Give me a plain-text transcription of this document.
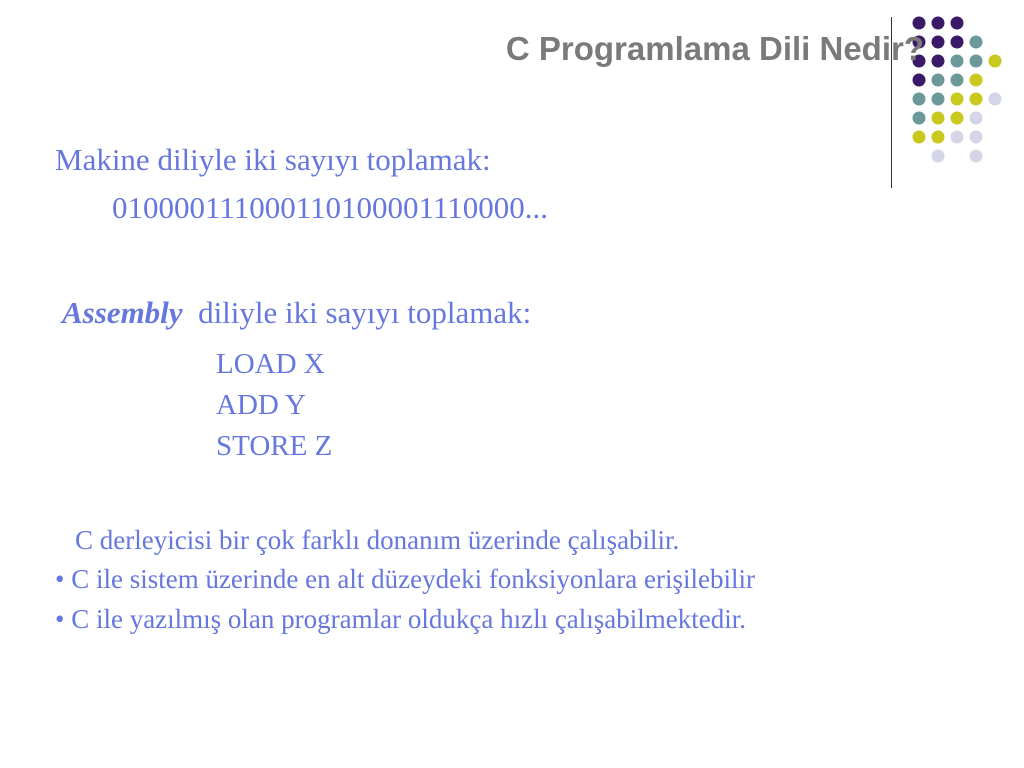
C Programlama Dili Nedir?
Makine diliyle iki sayıyı toplamak:
010000111000110100001110000...
Assembly diliyle iki sayıyı toplamak:
LOAD X
ADD Y
STORE Z
C derleyicisi bir çok farklı donanım üzerinde çalışabilir.
• C ile sistem üzerinde en alt düzeydeki fonksiyonlara erişilebilir
• C ile yazılmış olan programlar oldukça hızlı çalışabilmektedir.
